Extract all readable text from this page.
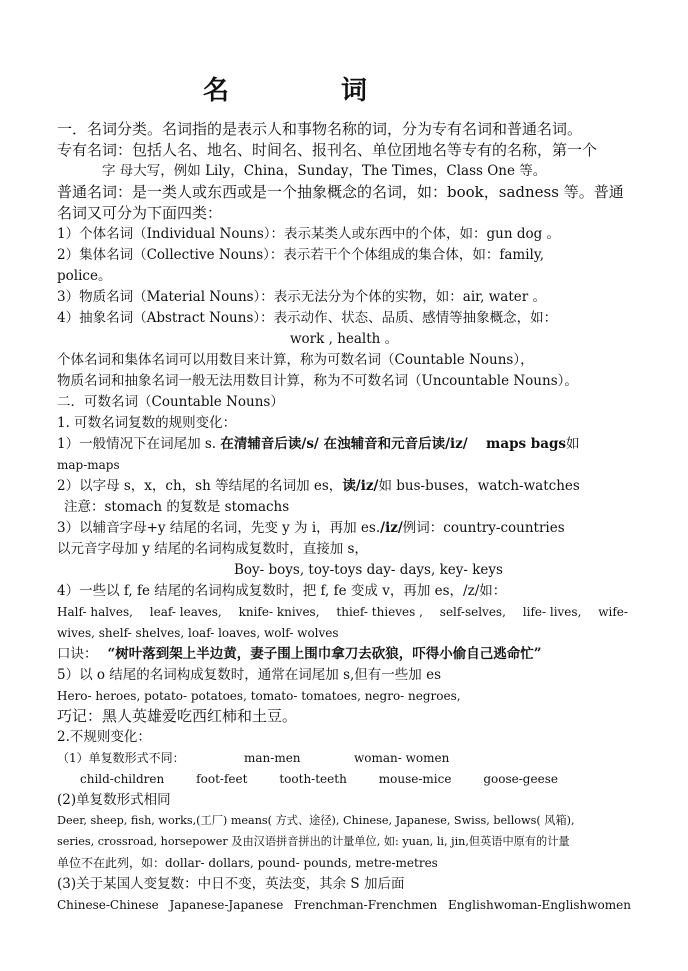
名	词
一．名词分类。名词指的是表示人和事物名称的词，分为专有名词和普通名词。
专有名词：包括人名、地名、时间名、报刊名、单位团地名等专有的名称，第一个
字 母大写，例如 Lily，China，Sunday，The Times，Class One 等。
普通名词：是一类人或东西或是一个抽象概念的名词，如：book，sadness 等。普通
名词又可分为下面四类：
1）个体名词（Individual Nouns）：表示某类人或东西中的个体，如：gun dog 。
2）集体名词（Collective Nouns）：表示若干个个体组成的集合体，如：family,
police。
3）物质名词（Material Nouns）：表示无法分为个体的实物，如：air, water 。
4）抽象名词（Abstract Nouns）：表示动作、状态、品质、感情等抽象概念，如：
work , health 。
个体名词和集体名词可以用数目来计算，称为可数名词（Countable Nouns），
物质名词和抽象名词一般无法用数目计算，称为不可数名词（Uncountable Nouns）。
二．可数名词（Countable Nouns）
1. 可数名词复数的规则变化：
1）一般情况下在词尾加 s. 在清辅音后读/s/ 在浊辅音和元音后读/iz/ maps bags如
map-maps
2）以字母 s，x，ch，sh 等结尾的名词加 es，读/iz/如 bus-buses，watch-watches
注意：stomach 的复数是 stomachs
3）以辅音字母+y 结尾的名词，先变 y 为 i，再加 es./iz/例词：country-countries
以元音字母加 y 结尾的名词构成复数时，直接加 s，
Boy- boys, toy-toys day- days, key- keys
4）一些以 f, fe 结尾的名词构成复数时，把 f, fe 变成 v，再加 es，/z/如：
Half- halves, leaf- leaves, knife- knives, thief- thieves , self-selves, life- lives, wife-
wives, shelf- shelves, loaf- loaves, wolf- wolves
口诀： “树叶落到架上半边黄，妻子围上围巾拿刀去砍狼，吓得小偷自己逃命忙”
5）以 o 结尾的名词构成复数时，通常在词尾加 s,但有一些加 es
Hero- heroes, potato- potatoes, tomato- tomatoes, negro- negroes,
巧记：黑人英雄爱吃西红柿和土豆。
2.不规则变化：
（1）单复数形式不同：	man-men	woman- women
child-children	foot-feet	tooth-teeth	mouse-mice	goose-geese
(2)单复数形式相同
Deer, sheep, fish, works,(工厂) means( 方式、途径), Chinese, Japanese, Swiss, bellows( 风箱),
series, crossroad, horsepower 及由汉语拼音拼出的计量单位, 如: yuan, li, jin,但英语中原有的计量
单位不在此列，如：dollar- dollars, pound- pounds, metre-metres
(3)关于某国人变复数：中日不变，英法变，其余 S 加后面
Chinese-Chinese Japanese-Japanese Frenchman-Frenchmen Englishwoman-Englishwomen
